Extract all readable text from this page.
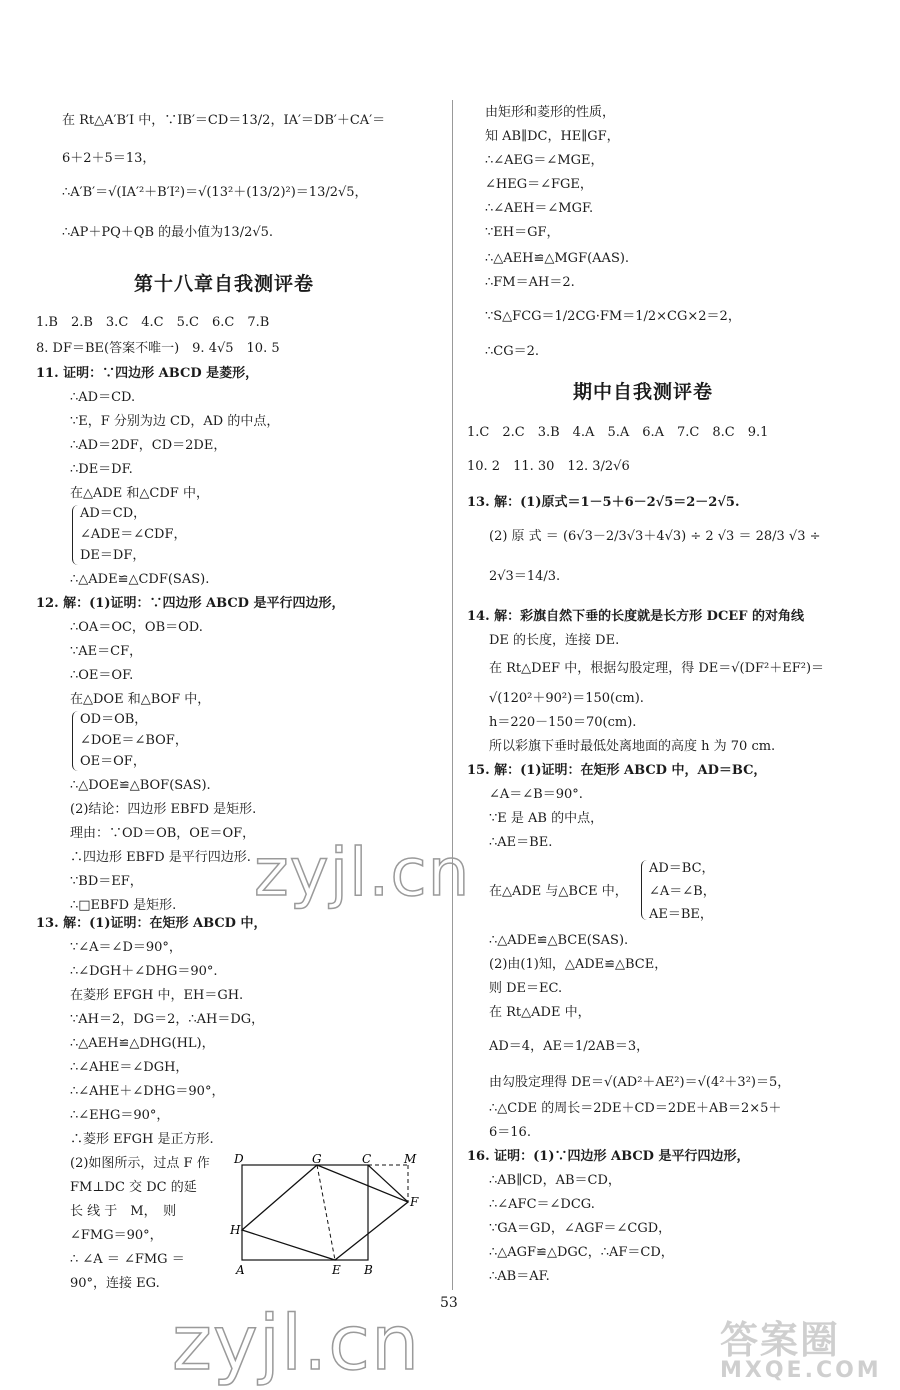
在 Rt△A′B′I 中，∵IB′＝CD＝13/2，IA′＝DB′＋CA′＝
6＋2＋5＝13，
∴A′B′＝√(IA′²＋B′I²)＝√(13²＋(13/2)²)＝13/2√5，
∴AP＋PQ＋QB 的最小值为13/2√5.
第十八章自我测评卷
1.B　2.B　3.C　4.C　5.C　6.C　7.B
8. DF＝BE(答案不唯一)　9. 4√5　10. 5
11. 证明：∵四边形 ABCD 是菱形，
∴AD＝CD.
∵E，F 分别为边 CD，AD 的中点，
∴AD＝2DF，CD＝2DE，
∴DE＝DF.
在△ADE 和△CDF 中，
AD＝CD，
∠ADE＝∠CDF，
DE＝DF，
∴△ADE≌△CDF(SAS).
12. 解：(1)证明：∵四边形 ABCD 是平行四边形，
∴OA＝OC，OB＝OD.
∵AE＝CF，
∴OE＝OF.
在△DOE 和△BOF 中，
OD＝OB，
∠DOE＝∠BOF，
OE＝OF，
∴△DOE≌△BOF(SAS).
(2)结论：四边形 EBFD 是矩形.
理由：∵OD＝OB，OE＝OF，
∴四边形 EBFD 是平行四边形.
∵BD＝EF，
∴□EBFD 是矩形.
13. 解：(1)证明：在矩形 ABCD 中，
∵∠A＝∠D＝90°，
∴∠DGH＋∠DHG＝90°.
在菱形 EFGH 中，EH＝GH.
∵AH＝2，DG＝2，∴AH＝DG，
∴△AEH≌△DHG(HL)，
∴∠AHE＝∠DGH，
∴∠AHE＋∠DHG＝90°，
∴∠EHG＝90°，
∴菱形 EFGH 是正方形.
(2)如图所示，过点 F 作
FM⊥DC 交 DC 的延
长 线 于　M，　则
∠FMG＝90°，
∴ ∠A ＝ ∠FMG ＝
90°，连接 EG.
D	G	C	M
F
H
A	E B
由矩形和菱形的性质，
知 AB∥DC，HE∥GF，
∴∠AEG＝∠MGE，
∠HEG＝∠FGE，
∴∠AEH＝∠MGF.
∵EH＝GF，
∴△AEH≌△MGF(AAS).
∴FM＝AH＝2.
∵S△FCG＝1/2CG·FM＝1/2×CG×2＝2，
∴CG＝2.
期中自我测评卷
1.C　2.C　3.B　4.A　5.A　6.A　7.C　8.C　9.1
10. 2　11. 30　12. 3/2√6
13. 解：(1)原式＝1－5＋6－2√5＝2－2√5.
(2) 原 式 ＝ (6√3－2/3√3＋4√3) ÷ 2 √3 ＝ 28/3 √3 ÷
2√3＝14/3.
14. 解：彩旗自然下垂的长度就是长方形 DCEF 的对角线
DE 的长度，连接 DE.
在 Rt△DEF 中，根据勾股定理，得 DE＝√(DF²＋EF²)＝
√(120²＋90²)＝150(cm).
h＝220－150＝70(cm).
所以彩旗下垂时最低处离地面的高度 h 为 70 cm.
15. 解：(1)证明：在矩形 ABCD 中，AD＝BC，
∠A＝∠B＝90°.
∵E 是 AB 的中点，
∴AE＝BE.
AD＝BC，
在△ADE 与△BCE 中， ∠A＝∠B，
AE＝BE，
∴△ADE≌△BCE(SAS).
(2)由(1)知，△ADE≌△BCE，
则 DE＝EC.
在 Rt△ADE 中，
AD＝4，AE＝1/2AB＝3，
由勾股定理得 DE＝√(AD²＋AE²)＝√(4²＋3²)＝5，
∴△CDE 的周长＝2DE＋CD＝2DE＋AB＝2×5＋
6＝16.
16. 证明：(1)∵四边形 ABCD 是平行四边形，
∴AB∥CD，AB＝CD，
∴∠AFC＝∠DCG.
∵GA＝GD，∠AGF＝∠CGD，
∴△AGF≌△DGC，∴AF＝CD，
∴AB＝AF.
53
zyjl.cn
zyjl.cn	答案圈
MXQE.COM
